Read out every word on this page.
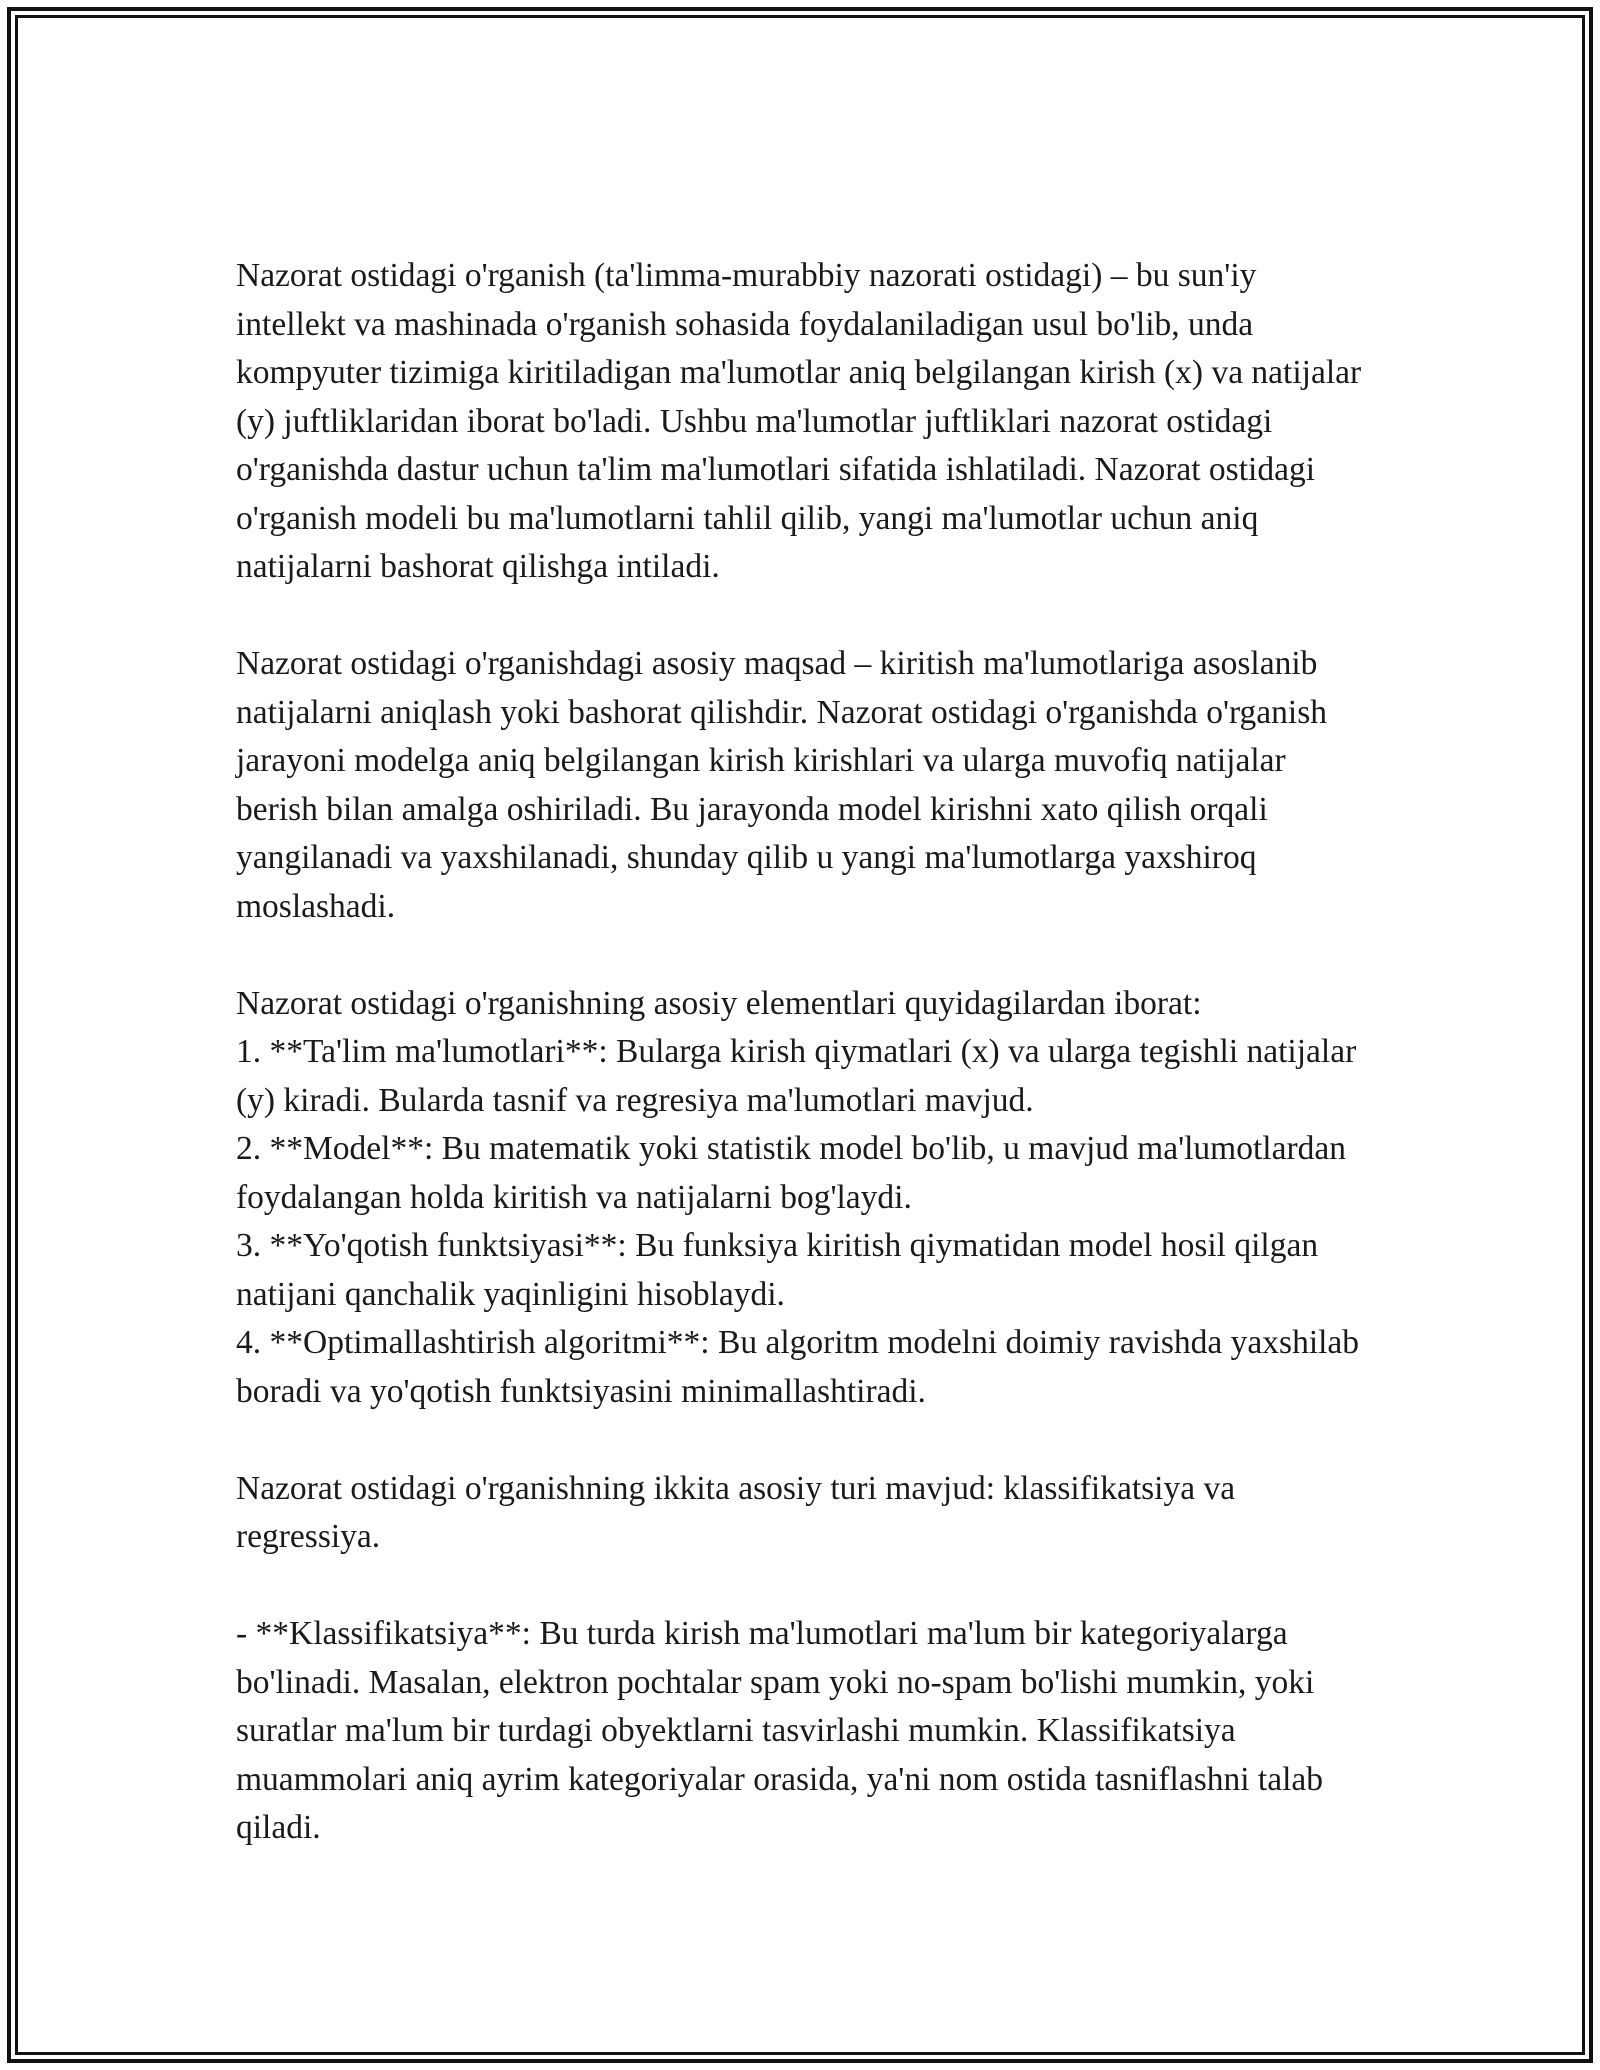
Nazorat ostidagi o'rganish (ta'limma-murabbiy nazorati ostidagi) – bu sun'iy intellekt va mashinada o'rganish sohasida foydalaniladigan usul bo'lib, unda kompyuter tizimiga kiritiladigan ma'lumotlar aniq belgilangan kirish (x) va natijalar (y) juftliklaridan iborat bo'ladi. Ushbu ma'lumotlar juftliklari nazorat ostidagi o'rganishda dastur uchun ta'lim ma'lumotlari sifatida ishlatiladi. Nazorat ostidagi o'rganish modeli bu ma'lumotlarni tahlil qilib, yangi ma'lumotlar uchun aniq natijalarni bashorat qilishga intiladi.

Nazorat ostidagi o'rganishdagi asosiy maqsad – kiritish ma'lumotlariga asoslanib natijalarni aniqlash yoki bashorat qilishdir. Nazorat ostidagi o'rganishda o'rganish jarayoni modelga aniq belgilangan kirish kirishlari va ularga muvofiq natijalar berish bilan amalga oshiriladi. Bu jarayonda model kirishni xato qilish orqali yangilanadi va yaxshilanadi, shunday qilib u yangi ma'lumotlarga yaxshiroq moslashadi.

Nazorat ostidagi o'rganishning asosiy elementlari quyidagilardan iborat:
1. **Ta'lim ma'lumotlari**: Bularga kirish qiymatlari (x) va ularga tegishli natijalar (y) kiradi. Bularda tasnif va regresiya ma'lumotlari mavjud.
2. **Model**: Bu matematik yoki statistik model bo'lib, u mavjud ma'lumotlardan foydalangan holda kiritish va natijalarni bog'laydi.
3. **Yo'qotish funktsiyasi**: Bu funksiya kiritish qiymatidan model hosil qilgan natijani qanchalik yaqinligini hisoblaydi.
4. **Optimallashtirish algoritmi**: Bu algoritm modelni doimiy ravishda yaxshilab boradi va yo'qotish funktsiyasini minimallashtiradi.

Nazorat ostidagi o'rganishning ikkita asosiy turi mavjud: klassifikatsiya va regressiya.

- **Klassifikatsiya**: Bu turda kirish ma'lumotlari ma'lum bir kategoriyalarga bo'linadi. Masalan, elektron pochtalar spam yoki no-spam bo'lishi mumkin, yoki suratlar ma'lum bir turdagi obyektlarni tasvirlashi mumkin. Klassifikatsiya muammolari aniq ayrim kategoriyalar orasida, ya'ni nom ostida tasniflashni talab qiladi.
